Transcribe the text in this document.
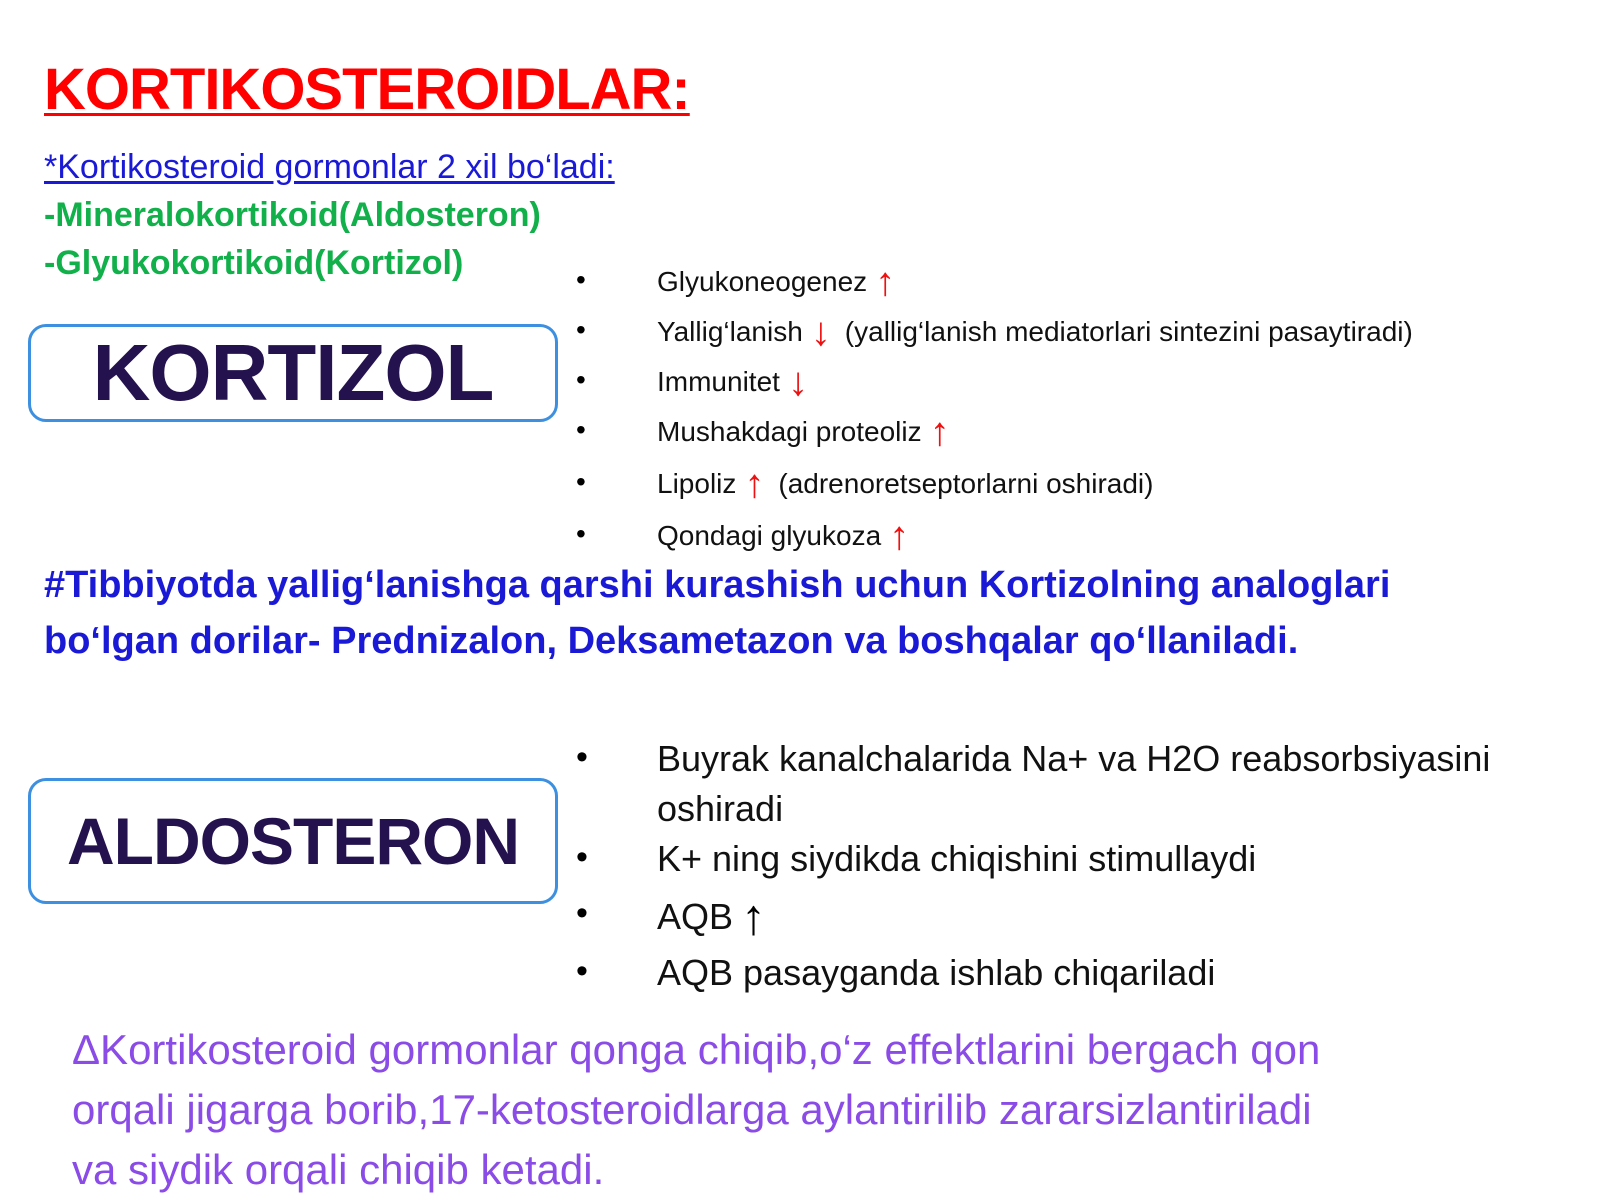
KORTIKOSTEROIDLAR:
*Kortikosteroid gormonlar 2 xil bo‘ladi:
-Mineralokortikoid(Aldosteron)
-Glyukokortikoid(Kortizol)
KORTIZOL
•	Glyukoneogenez ↑
•	Yallig‘lanish ↓ (yallig‘lanish mediatorlari sintezini pasaytiradi)
•	Immunitet ↓
•	Mushakdagi proteoliz ↑
•	Lipoliz ↑ (adrenoretseptorlarni oshiradi)
•	Qondagi glyukoza ↑
#Tibbiyotda yallig‘lanishga qarshi kurashish uchun Kortizolning analoglari
bo‘lgan dorilar- Prednizalon, Deksametazon va boshqalar qo‘llaniladi.
ALDOSTERON
• Buyrak kanalchalarida Na+ va H2O reabsorbsiyasini
oshiradi
• K+ ning siydikda chiqishini stimullaydi
• AQB ↑
• AQB pasayganda ishlab chiqariladi
ΔKortikosteroid gormonlar qonga chiqib,o‘z effektlarini bergach qon
orqali jigarga borib,17-ketosteroidlarga aylantirilib zararsizlantiriladi
va siydik orqali chiqib ketadi.
